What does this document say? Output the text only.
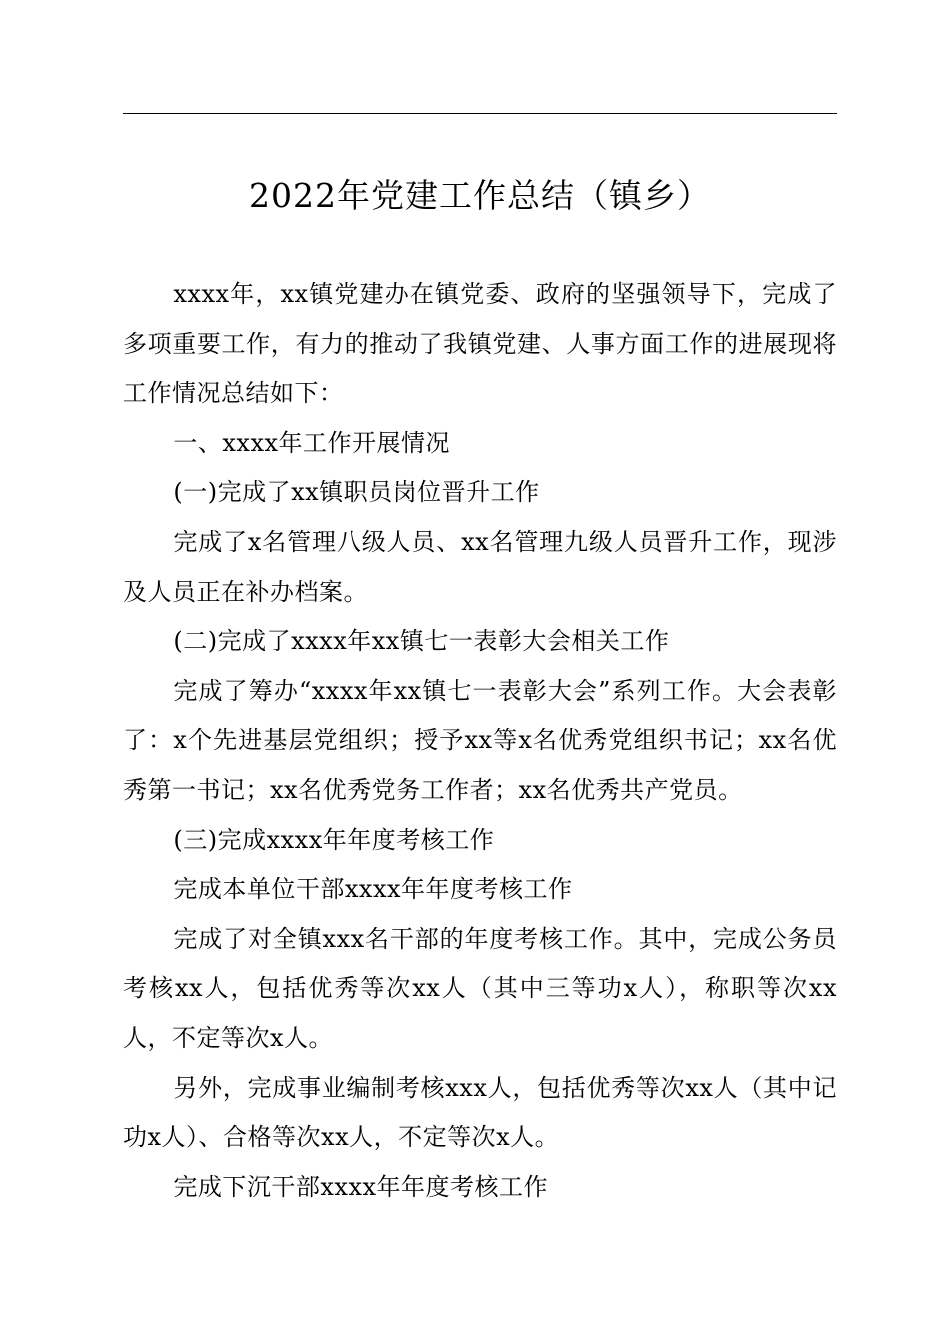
2022年党建工作总结（镇乡）

xxxx年，xx镇党建办在镇党委、政府的坚强领导下，完成了多项重要工作，有力的推动了我镇党建、人事方面工作的进展现将工作情况总结如下：

一、xxxx年工作开展情况

(一)完成了xx镇职员岗位晋升工作

完成了x名管理八级人员、xx名管理九级人员晋升工作，现涉及人员正在补办档案。

(二)完成了xxxx年xx镇七一表彰大会相关工作

完成了筹办“xxxx年xx镇七一表彰大会”系列工作。大会表彰了：x个先进基层党组织；授予xx等x名优秀党组织书记；xx名优秀第一书记；xx名优秀党务工作者；xx名优秀共产党员。

(三)完成xxxx年年度考核工作

完成本单位干部xxxx年年度考核工作

完成了对全镇xxx名干部的年度考核工作。其中，完成公务员考核xx人，包括优秀等次xx人（其中三等功x人），称职等次xx人，不定等次x人。

另外，完成事业编制考核xxx人，包括优秀等次xx人（其中记功x人）、合格等次xx人，不定等次x人。

完成下沉干部xxxx年年度考核工作
